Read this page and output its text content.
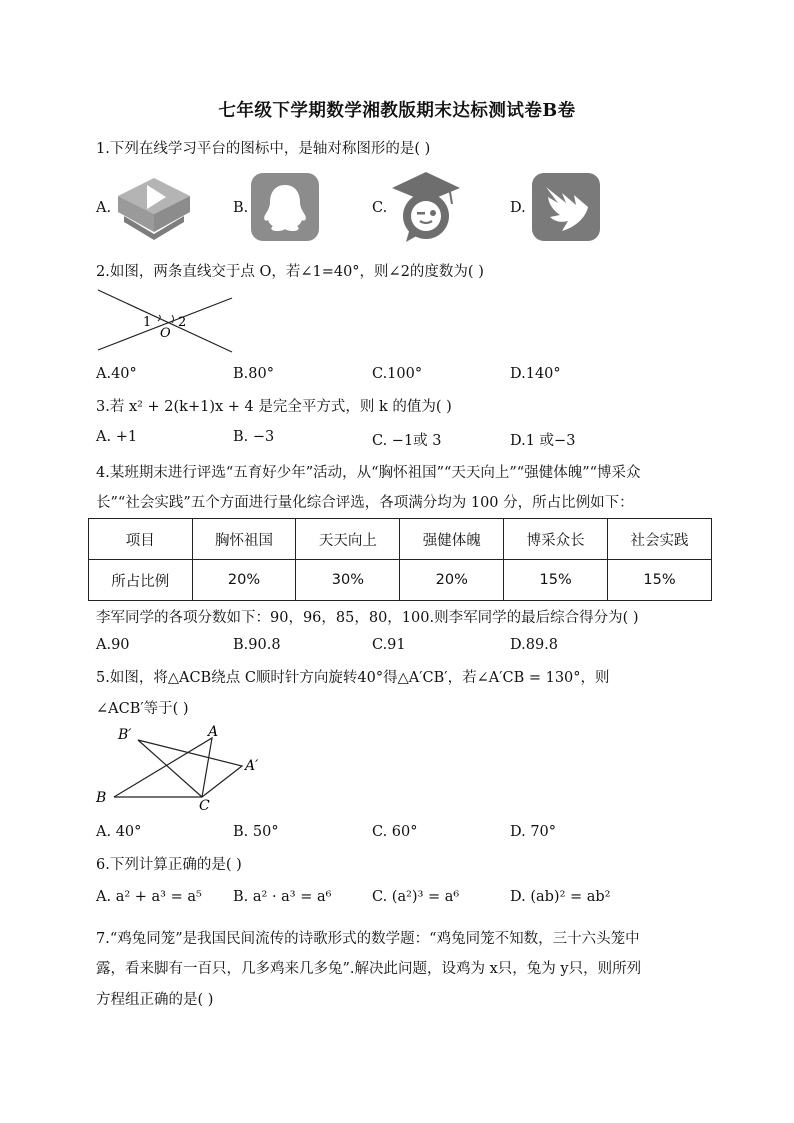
七年级下学期数学湘教版期末达标测试卷B卷
1.下列在线学习平台的图标中，是轴对称图形的是( )
A.	B.	C.	D.
2.如图，两条直线交于点 O，若∠1=40°，则∠2的度数为( )
1 2
O
A.40°	B.80°	C.100°	D.140°
3.若 x² + 2(k+1)x + 4 是完全平方式，则 k 的值为( )
A. +1	B. −3	C. −1或 3	D.1 或−3
4.某班期末进行评选“五育好少年”活动，从“胸怀祖国”“天天向上”“强健体魄”“博采众
长”“社会实践”五个方面进行量化综合评选，各项满分均为 100 分，所占比例如下：
项目	胸怀祖国	天天向上	强健体魄	博采众长	社会实践
所占比例	20%	30%	20%	15%	15%
李军同学的各项分数如下：90，96，85，80，100.则李军同学的最后综合得分为( )
A.90	B.90.8	C.91	D.89.8
5.如图，将△ACB绕点 C顺时针方向旋转40°得△A′CB′，若∠A′CB = 130°，则
∠ACB′等于( )
B′	A
A′
B	C
A. 40°	B. 50°	C. 60°	D. 70°
6.下列计算正确的是( )
A. a² + a³ = a⁵ B. a² · a³ = a⁶	C. (a²)³ = a⁶	D. (ab)² = ab²
7.“鸡兔同笼”是我国民间流传的诗歌形式的数学题：“鸡兔同笼不知数，三十六头笼中
露，看来脚有一百只，几多鸡来几多兔”.解决此问题，设鸡为 x只，兔为 y只，则所列
方程组正确的是( )
